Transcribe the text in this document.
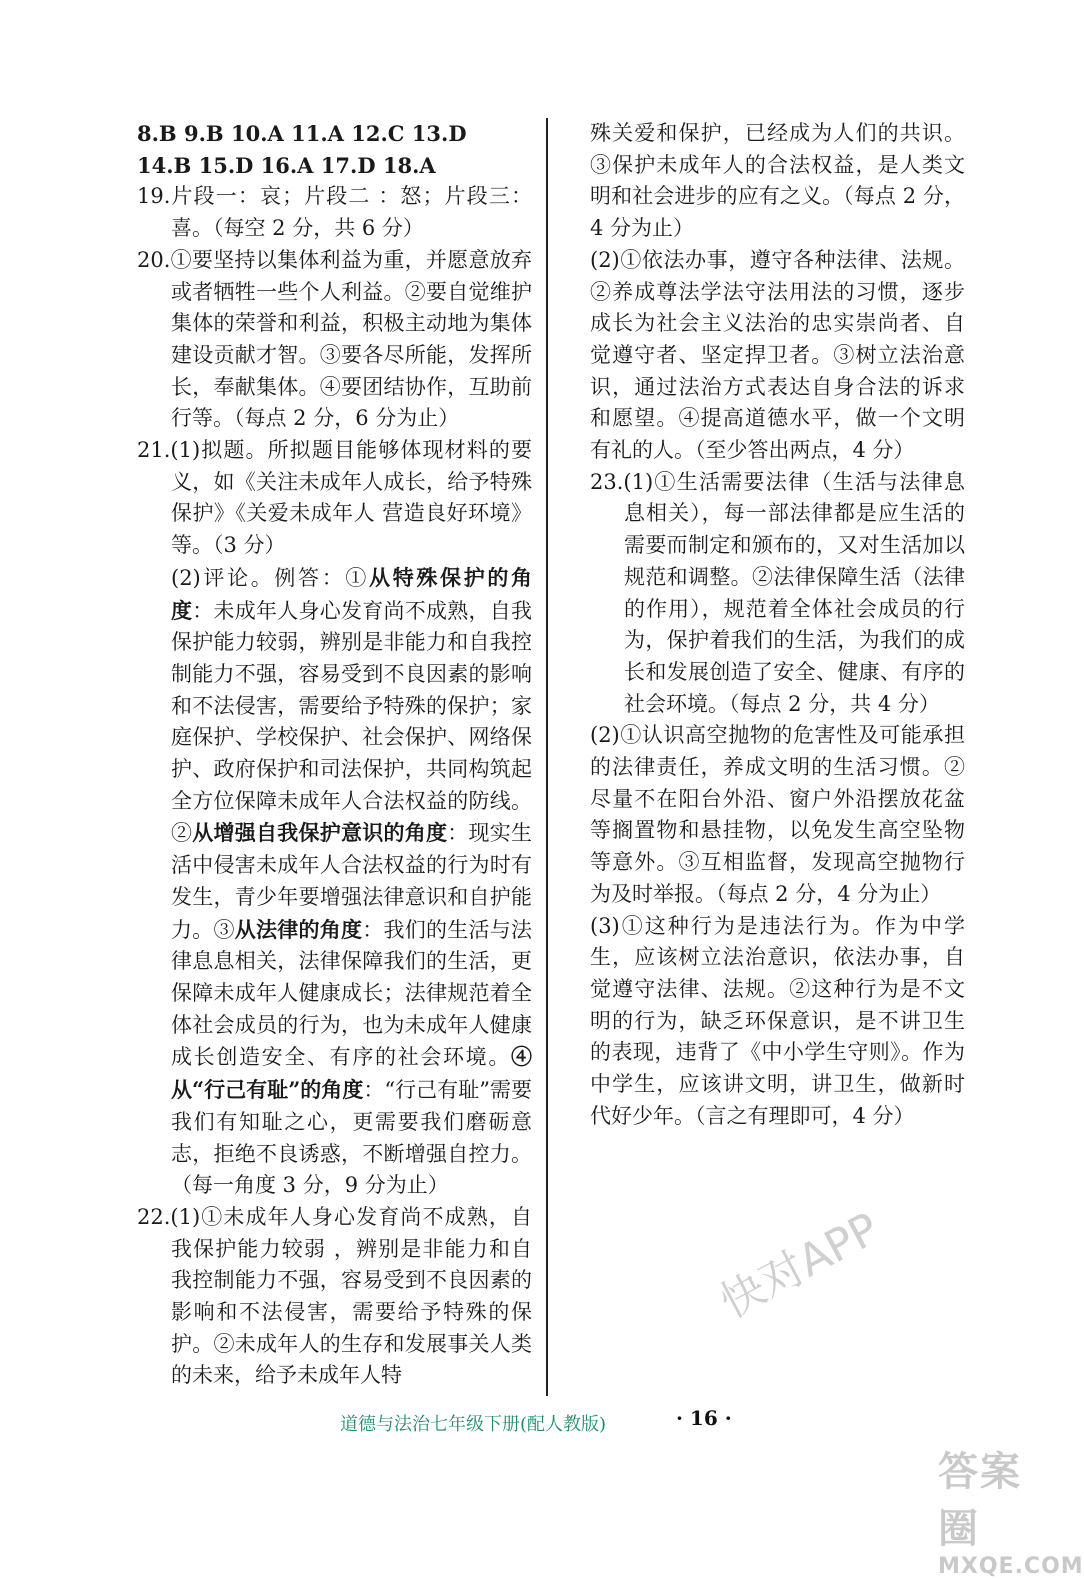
8.B 9.B 10.A 11.A 12.C 13.D
14.B 15.D 16.A 17.D 18.A
19.片段一：哀；片段二 ：怒；片段三：喜。（每空 2 分，共 6 分）
20.①要坚持以集体利益为重，并愿意放弃或者牺牲一些个人利益。②要自觉维护集体的荣誉和利益，积极主动地为集体建设贡献才智。③要各尽所能，发挥所长，奉献集体。④要团结协作，互助前行等。（每点 2 分，6 分为止）
21.(1)拟题。所拟题目能够体现材料的要义，如《关注未成年人成长，给予特殊保护》《关爱未成年人 营造良好环境》等。（3 分）
(2)评论。例答：①从特殊保护的角度：未成年人身心发育尚不成熟，自我保护能力较弱，辨别是非能力和自我控制能力不强，容易受到不良因素的影响和不法侵害，需要给予特殊的保护；家庭保护、学校保护、社会保护、网络保护、政府保护和司法保护，共同构筑起全方位保障未成年人合法权益的防线。②从增强自我保护意识的角度：现实生活中侵害未成年人合法权益的行为时有发生，青少年要增强法律意识和自护能力。③从法律的角度：我们的生活与法律息息相关，法律保障我们的生活，更保障未成年人健康成长；法律规范着全体社会成员的行为，也为未成年人健康成长创造安全、有序的社会环境。④从“行己有耻”的角度：“行己有耻”需要我们有知耻之心，更需要我们磨砺意志，拒绝不良诱惑，不断增强自控力。（每一角度 3 分，9 分为止）
22.(1)①未成年人身心发育尚不成熟，自我保护能力较弱 ，辨别是非能力和自我控制能力不强，容易受到不良因素的影响和不法侵害，需要给予特殊的保护。②未成年人的生存和发展事关人类的未来，给予未成年人特
殊关爱和保护，已经成为人们的共识。③保护未成年人的合法权益，是人类文明和社会进步的应有之义。（每点 2 分，4 分为止）
(2)①依法办事，遵守各种法律、法规。②养成尊法学法守法用法的习惯，逐步成长为社会主义法治的忠实崇尚者、自觉遵守者、坚定捍卫者。③树立法治意识，通过法治方式表达自身合法的诉求和愿望。④提高道德水平，做一个文明有礼的人。（至少答出两点，4 分）
23.(1)①生活需要法律（生活与法律息息相关），每一部法律都是应生活的需要而制定和颁布的，又对生活加以规范和调整。②法律保障生活（法律的作用），规范着全体社会成员的行为，保护着我们的生活，为我们的成长和发展创造了安全、健康、有序的社会环境。（每点 2 分，共 4 分）
(2)①认识高空抛物的危害性及可能承担的法律责任，养成文明的生活习惯。②尽量不在阳台外沿、窗户外沿摆放花盆等搁置物和悬挂物，以免发生高空坠物等意外。③互相监督，发现高空抛物行为及时举报。（每点 2 分，4 分为止）
(3)①这种行为是违法行为。作为中学生，应该树立法治意识，依法办事，自觉遵守法律、法规。②这种行为是不文明的行为，缺乏环保意识，是不讲卫生的表现，违背了《中小学生守则》。作为中学生，应该讲文明，讲卫生，做新时代好少年。（言之有理即可，4 分）
快对APP
道德与法治七年级下册(配人教版)	· 16 ·
答案圈
MXQE.COM
